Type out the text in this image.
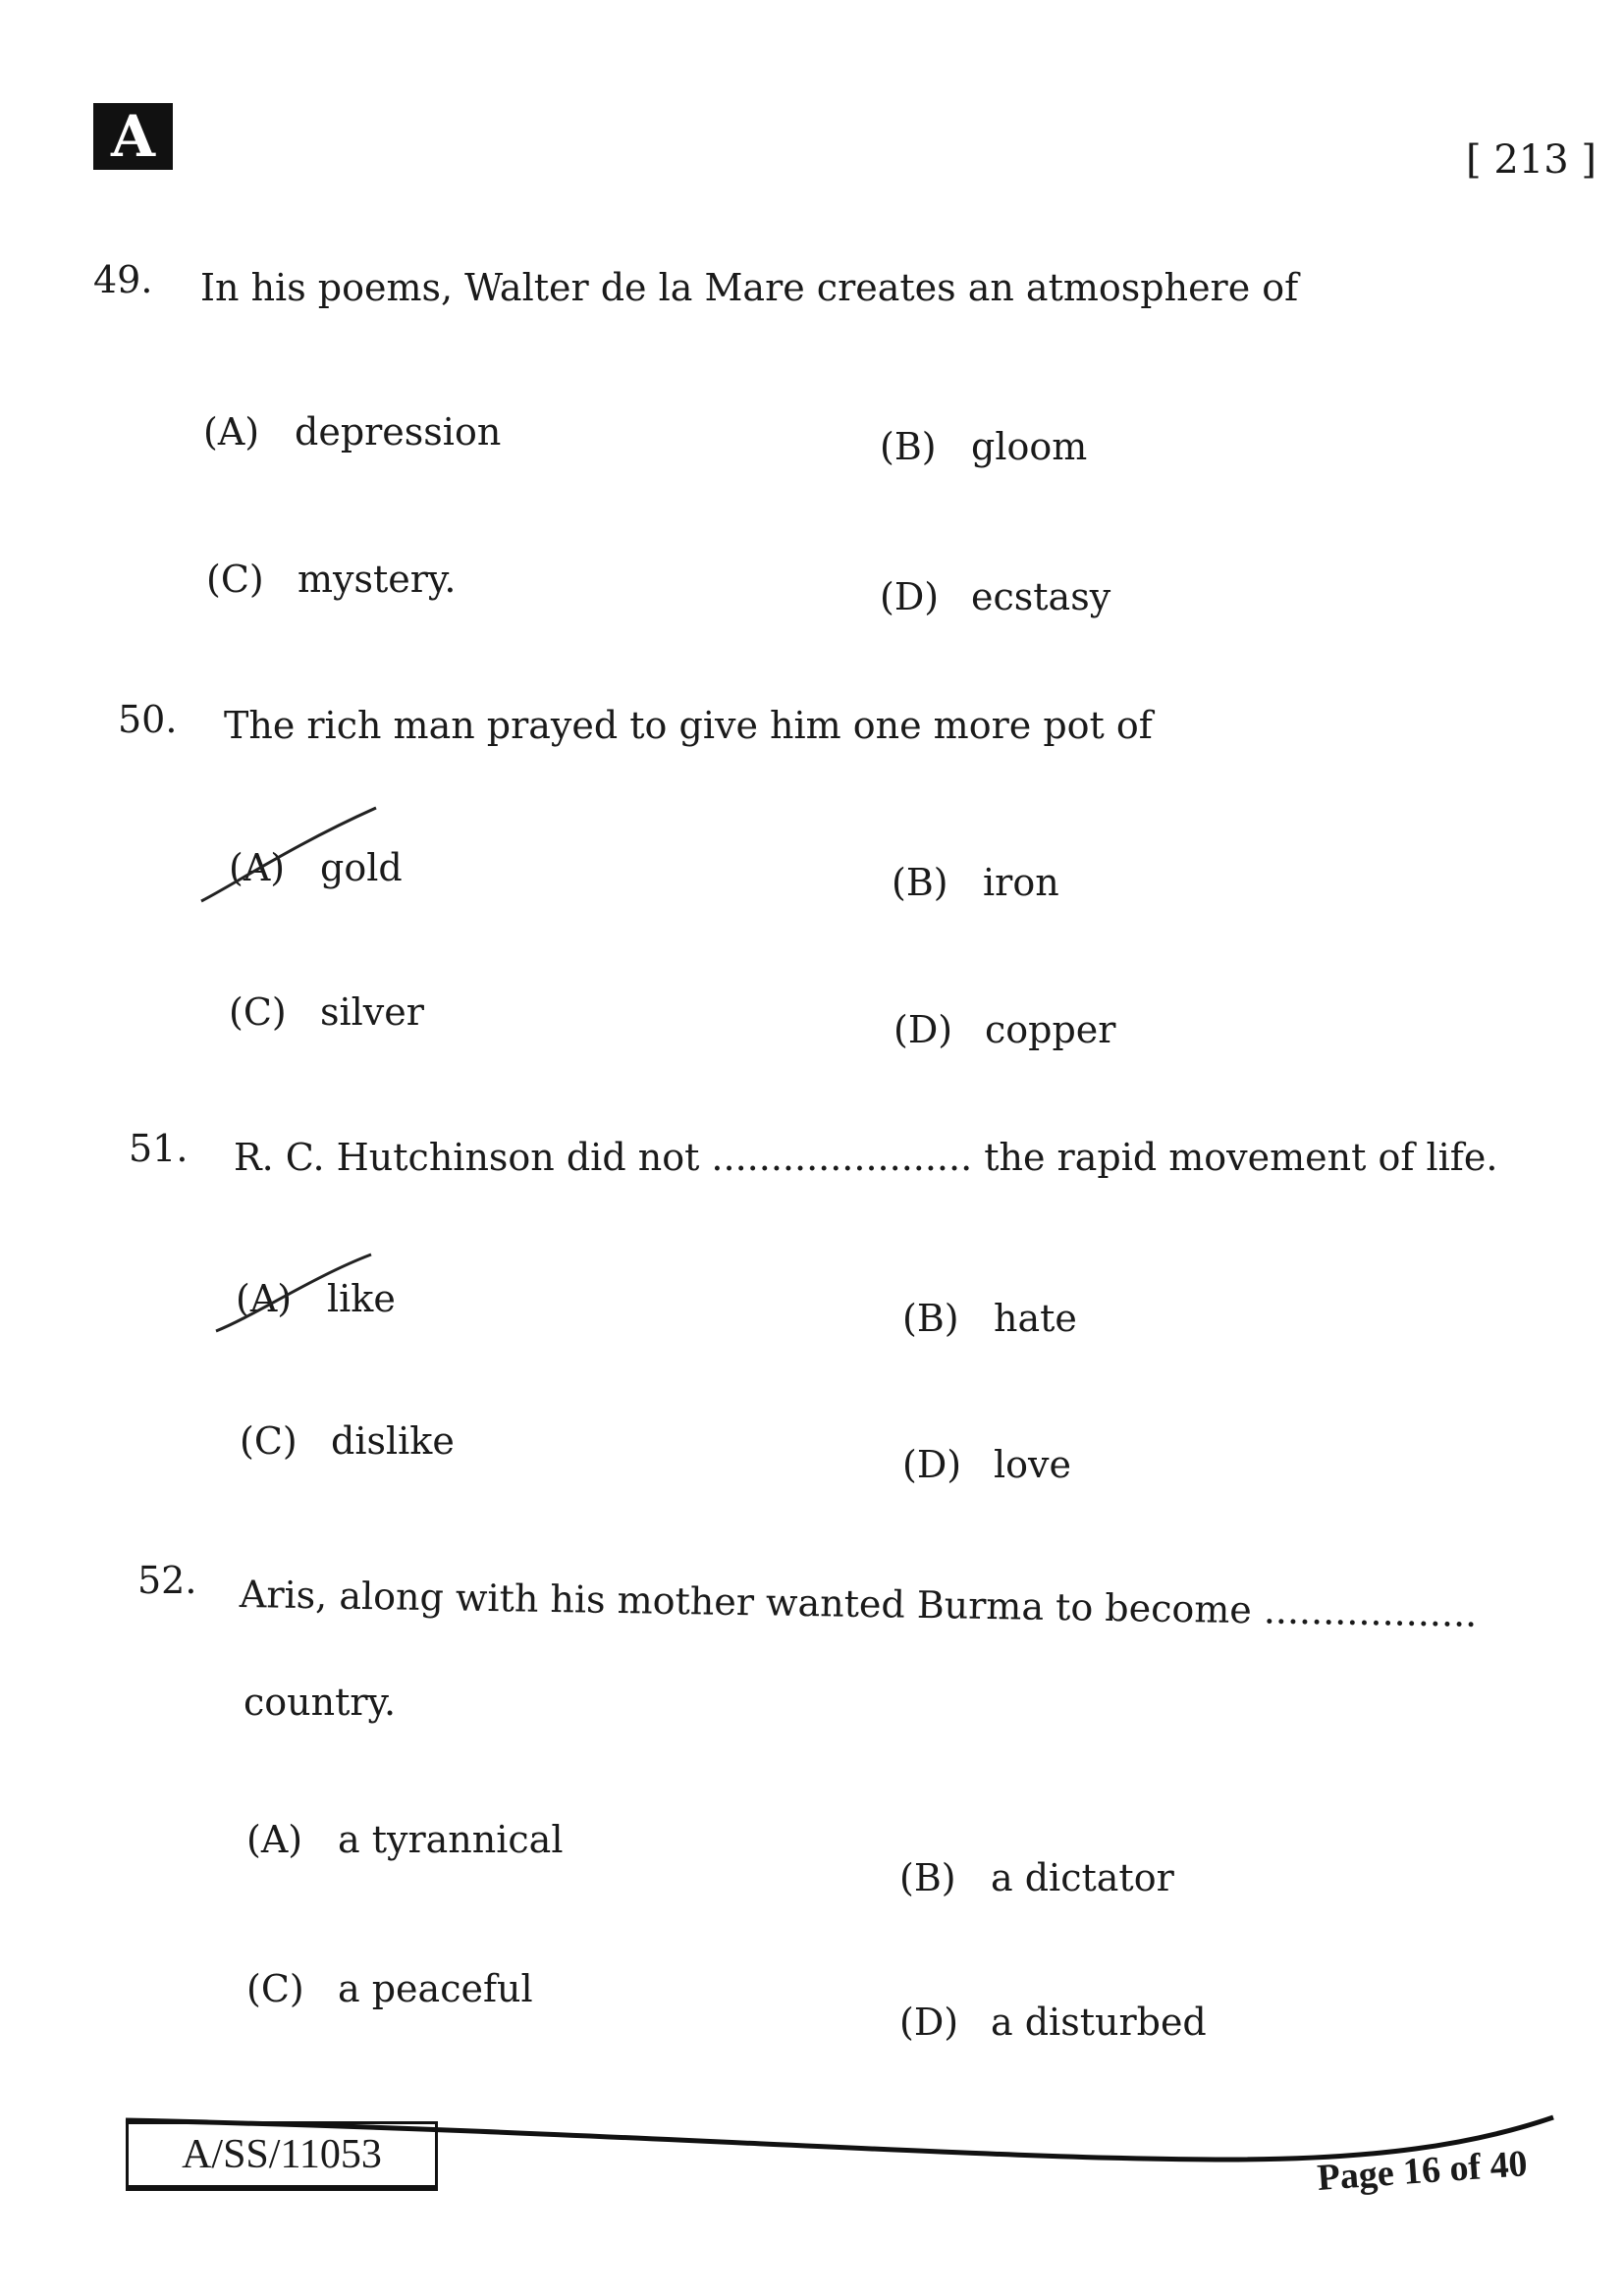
A	[ 213 ]
49. In his poems, Walter de la Mare creates an atmosphere of
(A) depression	(B) gloom
(C) mystery.	(D) ecstasy
50. The rich man prayed to give him one more pot of
(A) gold	(B) iron
(C) silver	(D) copper
51. R. C. Hutchinson did not ...................... the rapid movement of life.
(A) like	(B) hate
(C) dislike
(D) love
52. Aris, along with his mother wanted Burma to become ..................
country.
(A) a tyrannical
(B) a dictator
(C) a peaceful
(D) a disturbed
A/SS/11053	Page 16 of 40
